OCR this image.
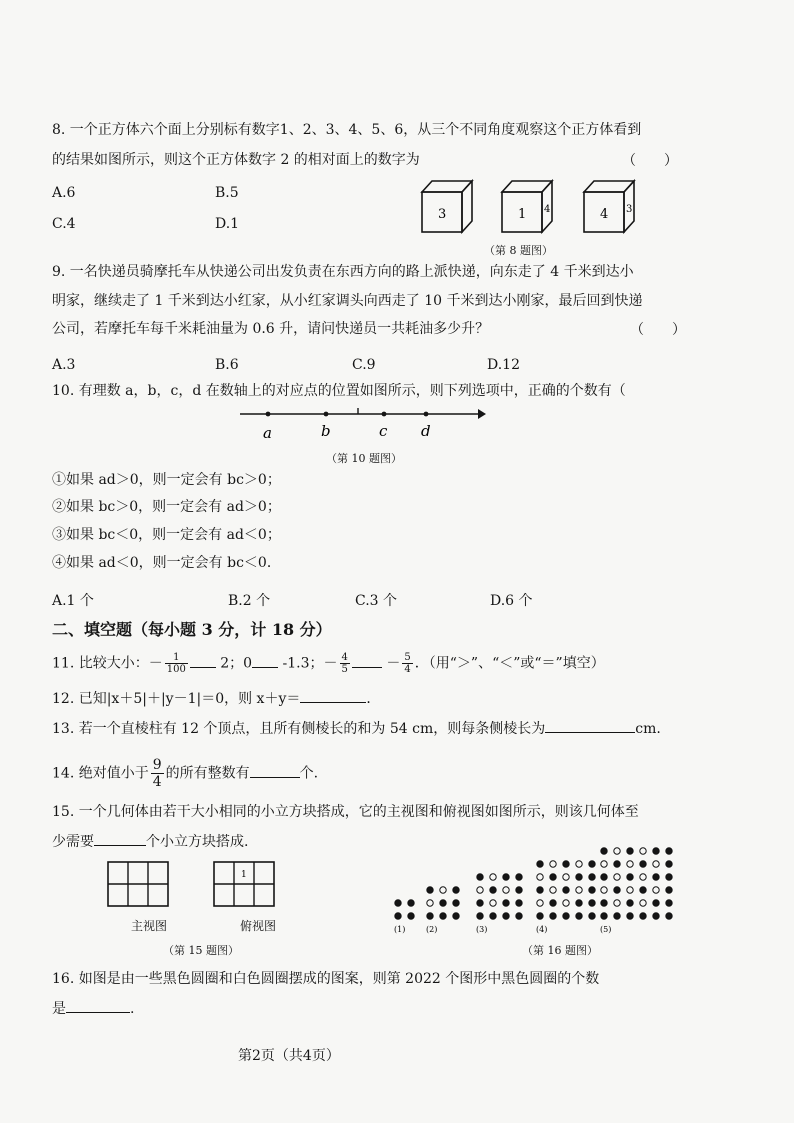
8. 一个正方体六个面上分别标有数字1、2、3、4、5、6，从三个不同角度观察这个正方体看到
的结果如图所示，则这个正方体数字 2 的相对面上的数字为	（　　）
A.6	B.5
C.4	D.1
3	1 4	4 3
（第 8 题图）
9. 一名快递员骑摩托车从快递公司出发负责在东西方向的路上派快递，向东走了 4 千米到达小
明家，继续走了 1 千米到达小红家，从小红家调头向西走了 10 千米到达小刚家，最后回到快递
公司，若摩托车每千米耗油量为 0.6 升，请问快递员一共耗油多少升？	（　　）
A.3	B.6	C.9	D.12
10. 有理数 a，b，c，d 在数轴上的对应点的位置如图所示，则下列选项中，正确的个数有（
a	b	c d
（第 10 题图）
①如果 ad＞0，则一定会有 bc＞0；
②如果 bc＞0，则一定会有 ad＞0；
③如果 bc＜0，则一定会有 ad＜0；
④如果 ad＜0，则一定会有 bc＜0．
A.1 个	B.2 个	C.3 个	D.6 个
二、填空题（每小题 3 分，计 18 分）
11. 比较大小：－ $\frac{1}{100} 2$；0 -1.3；－ $\frac{4}{5}$	－ $\frac{5}{4}$ ．（用“＞”、“＜”或“＝”填空）
12. 已知|x＋5|＋|y－1|＝0，则 x＋y＝	．
13. 若一个直棱柱有 12 个顶点，且所有侧棱长的和为 54 cm，则每条侧棱长为	cm.
14. 绝对值小于 $\frac{9}{4}$ 的所有整数有	个.
15. 一个几何体由若干大小相同的小立方块搭成，它的主视图和俯视图如图所示，则该几何体至
少需要	个小立方块搭成.
1
主视图	俯视图
（第 15 题图）
(1)	(2)	(3)	(4)	(5)
（第 16 题图）
16. 如图是由一些黑色圆圈和白色圆圈摆成的图案，则第 2022 个图形中黑色圆圈的个数
是	.
第2页（共4页）
